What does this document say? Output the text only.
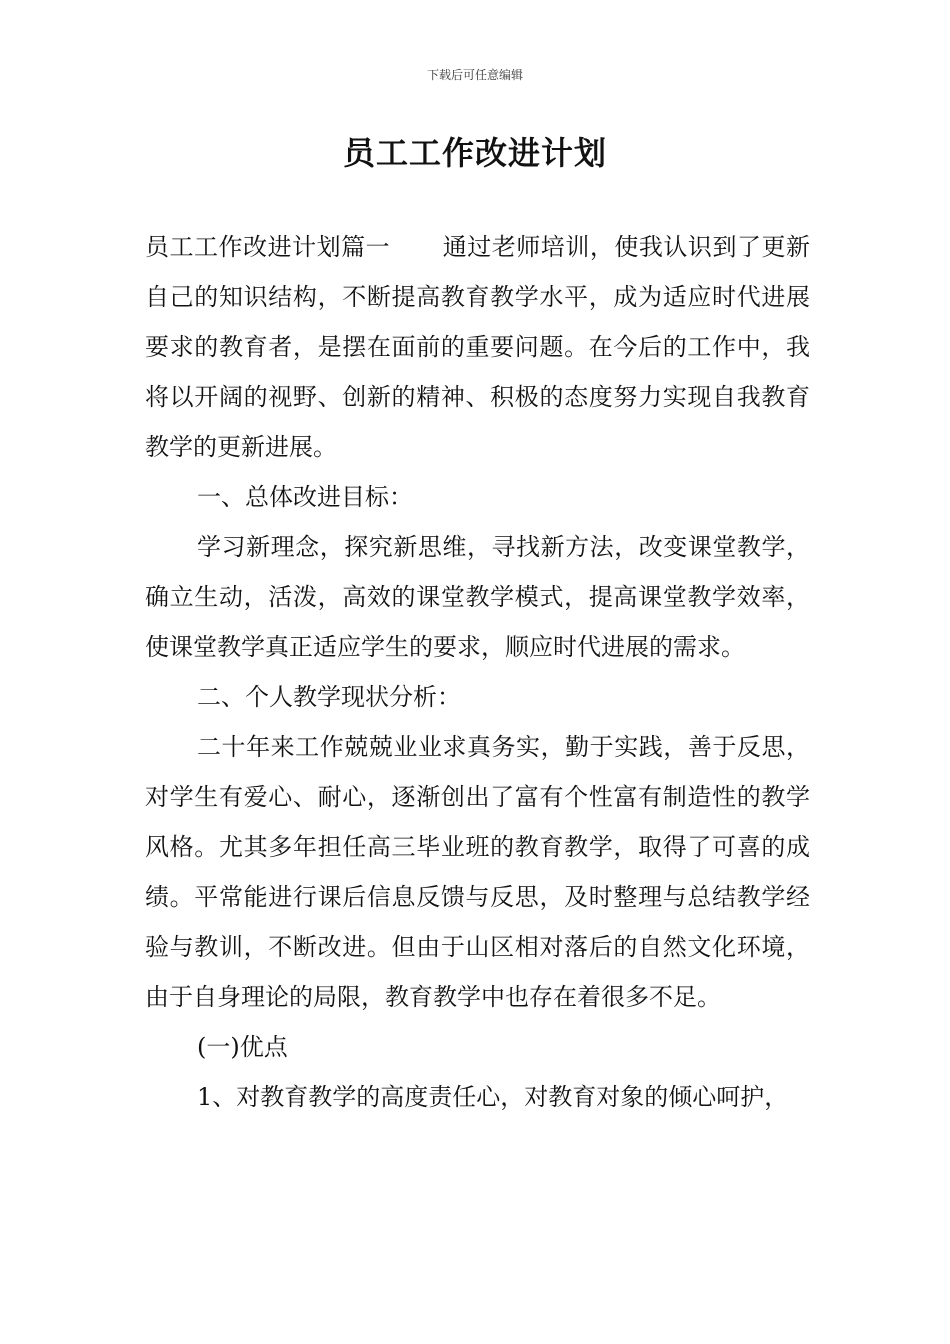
下载后可任意编辑
员工工作改进计划

员工工作改进计划篇一 通过老师培训，使我认识到了更新自己的知识结构，不断提高教育教学水平，成为适应时代进展要求的教育者，是摆在面前的重要问题。在今后的工作中，我将以开阔的视野、创新的精神、积极的态度努力实现自我教育教学的更新进展。

一、总体改进目标：

学习新理念，探究新思维，寻找新方法，改变课堂教学，确立生动，活泼，高效的课堂教学模式，提高课堂教学效率，使课堂教学真正适应学生的要求，顺应时代进展的需求。

二、个人教学现状分析：

二十年来工作兢兢业业求真务实，勤于实践，善于反思，对学生有爱心、耐心，逐渐创出了富有个性富有制造性的教学风格。尤其多年担任高三毕业班的教育教学，取得了可喜的成绩。平常能进行课后信息反馈与反思，及时整理与总结教学经验与教训，不断改进。但由于山区相对落后的自然文化环境，由于自身理论的局限，教育教学中也存在着很多不足。

(一)优点

1、对教育教学的高度责任心，对教育对象的倾心呵护，
